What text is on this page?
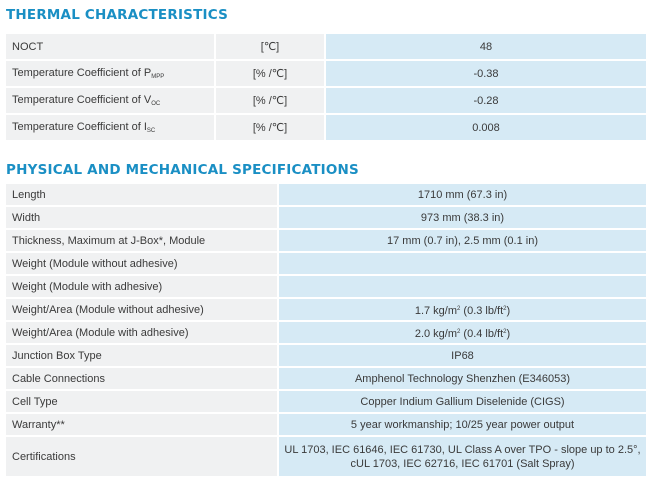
THERMAL CHARACTERISTICS
NOCT	[℃]	48
Temperature Coefficient of $P_{MPP}$	[% /℃]	-0.38
Temperature Coefficient of $V_{OC}$	[% /℃]	-0.28
Temperature Coefficient of $I_{SC}$	[% /℃]	0.008
PHYSICAL AND MECHANICAL SPECIFICATIONS
Length	1710 mm (67.3 in)
Width	973 mm (38.3 in)
Thickness, Maximum at J-Box*, Module	17 mm (0.7 in), 2.5 mm (0.1 in)
Weight (Module without adhesive)	
Weight (Module with adhesive)	
Weight/Area (Module without adhesive)	1.7 $kg/m^2$ (0.3 $lb/ft^2$)
Weight/Area (Module with adhesive)	2.0 $kg/m^2$ (0.4 $lb/ft^2$)
Junction Box Type	IP68
Cable Connections	Amphenol Technology Shenzhen (E346053)
Cell Type	Copper Indium Gallium Diselenide (CIGS)
Warranty**	5 year workmanship; 10/25 year power output
Certifications	UL 1703, IEC 61646, IEC 61730, UL Class A over TPO - slope up to 2.5°,
cUL 1703, IEC 62716, IEC 61701 (Salt Spray)
